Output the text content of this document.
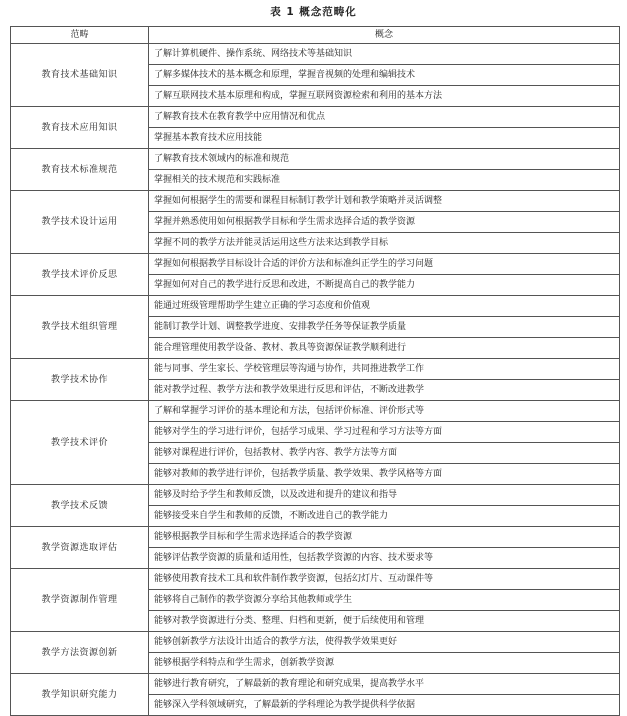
表 1 概念范畴化
范畴	概念
教育技术基础知识	了解计算机硬件、操作系统、网络技术等基础知识
	了解多媒体技术的基本概念和原理，掌握音视频的处理和编辑技术
	了解互联网技术基本原理和构成，掌握互联网资源检索和利用的基本方法
教育技术应用知识	了解教育技术在教育教学中应用情况和优点
	掌握基本教育技术应用技能
教育技术标准规范	了解教育技术领域内的标准和规范
	掌握相关的技术规范和实践标准
教学技术设计运用	掌握如何根据学生的需要和课程目标制订教学计划和教学策略并灵活调整
	掌握并熟悉使用如何根据教学目标和学生需求选择合适的教学资源
	掌握不同的教学方法并能灵活运用这些方法来达到教学目标
教学技术评价反思	掌握如何根据教学目标设计合适的评价方法和标准纠正学生的学习问题
	掌握如何对自己的教学进行反思和改进，不断提高自己的教学能力
教学技术组织管理	能通过班级管理帮助学生建立正确的学习态度和价值观
	能制订教学计划、调整教学进度、安排教学任务等保证教学质量
	能合理管理使用教学设备、教材、教具等资源保证教学顺利进行
教学技术协作	能与同事、学生家长、学校管理层等沟通与协作，共同推进教学工作
	能对教学过程、教学方法和教学效果进行反思和评估，不断改进教学
教学技术评价	了解和掌握学习评价的基本理论和方法，包括评价标准、评价形式等
	能够对学生的学习进行评价，包括学习成果、学习过程和学习方法等方面
	能够对课程进行评价，包括教材、教学内容、教学方法等方面
	能够对教师的教学进行评价，包括教学质量、教学效果、教学风格等方面
教学技术反馈	能够及时给予学生和教师反馈，以及改进和提升的建议和指导
	能够接受来自学生和教师的反馈，不断改进自己的教学能力
教学资源选取评估	能够根据教学目标和学生需求选择适合的教学资源
	能够评估教学资源的质量和适用性，包括教学资源的内容、技术要求等
教学资源制作管理	能够使用教育技术工具和软件制作教学资源，包括幻灯片、互动课件等
	能够将自己制作的教学资源分享给其他教师或学生
	能够对教学资源进行分类、整理、归档和更新，便于后续使用和管理
教学方法资源创新	能够创新教学方法设计出适合的教学方法，使得教学效果更好
	能够根据学科特点和学生需求，创新教学资源
教学知识研究能力	能够进行教育研究，了解最新的教育理论和研究成果，提高教学水平
	能够深入学科领域研究，了解最新的学科理论为教学提供科学依据
